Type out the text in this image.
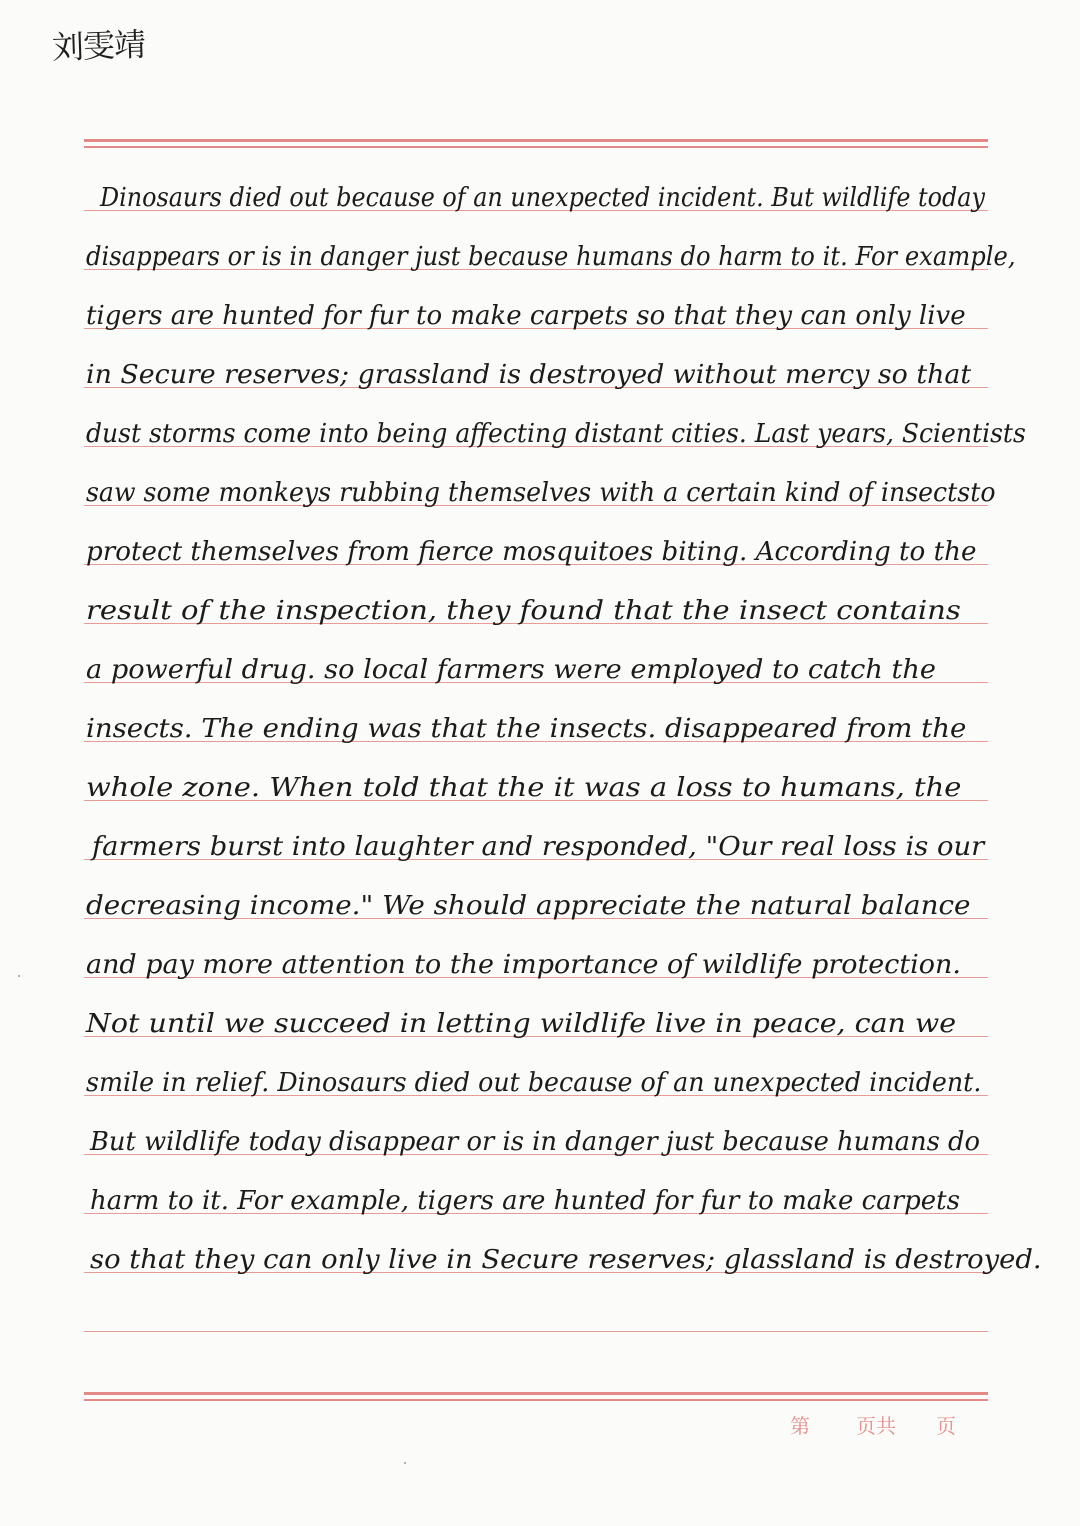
刘雯靖
Dinosaurs died out because of an unexpected incident. But wildlife today
disappears or is in danger just because humans do harm to it. For example,
tigers are hunted for fur to make carpets so that they can only live
in Secure reserves; grassland is destroyed without mercy so that
dust storms come into being affecting distant cities. Last years, Scientists
saw some monkeys rubbing themselves with a certain kind of insectsto
protect themselves from fierce mosquitoes biting. According to the
result of the inspection, they found that the insect contains
a powerful drug. so local farmers were employed to catch the
insects. The ending was that the insects. disappeared from the
whole zone. When told that the it was a loss to humans, the
farmers burst into laughter and responded, "Our real loss is our
decreasing income." We should appreciate the natural balance
and pay more attention to the importance of wildlife protection.
Not until we succeed in letting wildlife live in peace, can we
smile in relief. Dinosaurs died out because of an unexpected incident.
But wildlife today disappear or is in danger just because humans do
harm to it. For example, tigers are hunted for fur to make carpets
so that they can only live in Secure reserves; glassland is destroyed.
第 页共 页
